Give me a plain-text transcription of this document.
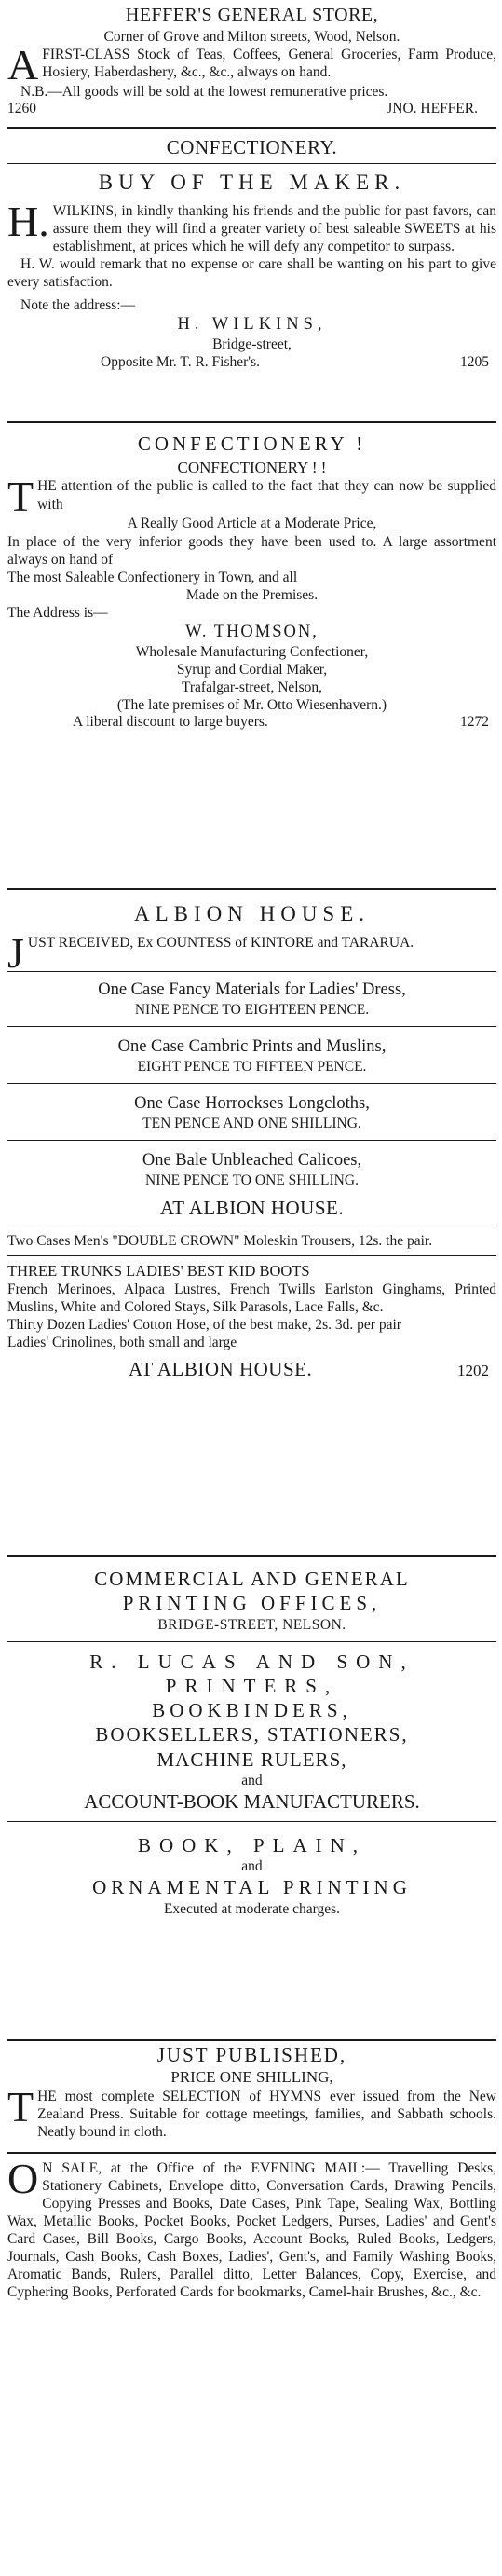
HEFFER'S GENERAL STORE,
Corner of Grove and Milton streets, Wood, Nelson.
A FIRST-CLASS Stock of Teas, Coffees, General Groceries, Farm Produce, Hosiery, Haberdashery, &c., &c., always on hand.
N.B.—All goods will be sold at the lowest remunerative prices.
1260	JNO. HEFFER.
CONFECTIONERY.
BUY OF THE MAKER.
H. WILKINS, in kindly thanking his friends and the public for past favors, can assure them they will find a greater variety of best saleable SWEETS at his establishment, at prices which he will defy any competitor to surpass.
H. W. would remark that no expense or care shall be wanting on his part to give every satisfaction.
Note the address:—
H. WILKINS,
Bridge-street,
Opposite Mr. T. R. Fisher's.	1205
CONFECTIONERY !
CONFECTIONERY ! !
T HE attention of the public is called to the fact that they can now be supplied with
A Really Good Article at a Moderate Price,
In place of the very inferior goods they have been used to. A large assortment always on hand of
The most Saleable Confectionery in Town, and all
Made on the Premises.
The Address is—
W. THOMSON,
Wholesale Manufacturing Confectioner,
Syrup and Cordial Maker,
Trafalgar-street, Nelson,
(The late premises of Mr. Otto Wiesenhavern.)
A liberal discount to large buyers.	1272
ALBION HOUSE.
J UST RECEIVED, Ex COUNTESS of KINTORE and TARARUA.
One Case Fancy Materials for Ladies' Dress,
NINE PENCE TO EIGHTEEN PENCE.
One Case Cambric Prints and Muslins,
EIGHT PENCE TO FIFTEEN PENCE.
One Case Horrockses Longcloths,
TEN PENCE AND ONE SHILLING.
One Bale Unbleached Calicoes,
NINE PENCE TO ONE SHILLING.
AT ALBION HOUSE.
Two Cases Men's "DOUBLE CROWN" Moleskin Trousers, 12s. the pair.
THREE TRUNKS LADIES' BEST KID BOOTS
French Merinoes, Alpaca Lustres, French Twills Earlston Ginghams, Printed Muslins, White and Colored Stays, Silk Parasols, Lace Falls, &c.
Thirty Dozen Ladies' Cotton Hose, of the best make, 2s. 3d. per pair
Ladies' Crinolines, both small and large
AT ALBION HOUSE.	1202
COMMERCIAL AND GENERAL
PRINTING OFFICES,
BRIDGE-STREET, NELSON.
R. LUCAS AND SON,
PRINTERS,
BOOKBINDERS,
BOOKSELLERS, STATIONERS,
MACHINE RULERS,
and
ACCOUNT-BOOK MANUFACTURERS.
BOOK, PLAIN,
and
ORNAMENTAL PRINTING
Executed at moderate charges.
JUST PUBLISHED,
PRICE ONE SHILLING,
T HE most complete SELECTION of HYMNS ever issued from the New Zealand Press. Suitable for cottage meetings, families, and Sabbath schools. Neatly bound in cloth.
O N SALE, at the Office of the EVENING MAIL:— Travelling Desks, Stationery Cabinets, Envelope ditto, Conversation Cards, Drawing Pencils, Copying Presses and Books, Date Cases, Pink Tape, Sealing Wax, Bottling Wax, Metallic Books, Pocket Books, Pocket Ledgers, Purses, Ladies' and Gent's Card Cases, Bill Books, Cargo Books, Account Books, Ruled Books, Ledgers, Journals, Cash Books, Cash Boxes, Ladies', Gent's, and Family Washing Books, Aromatic Bands, Rulers, Parallel ditto, Letter Balances, Copy, Exercise, and Cyphering Books, Perforated Cards for bookmarks, Camel-hair Brushes, &c., &c.
